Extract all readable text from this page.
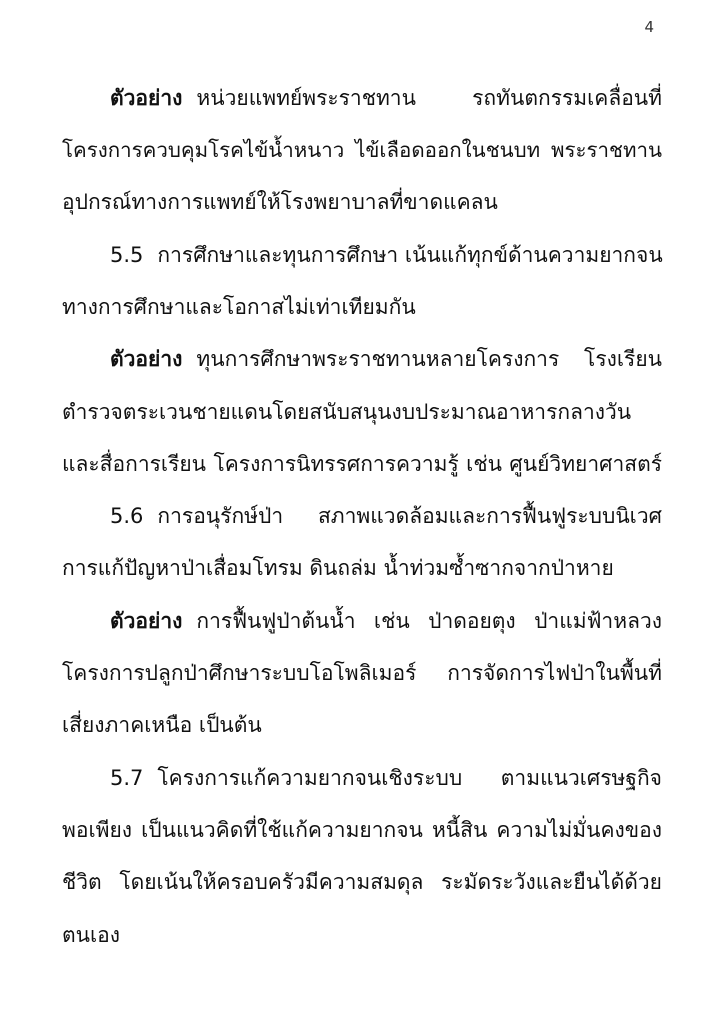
4
ตัวอย่าง หน่วยแพทย์พระราชทาน รถทันตกรรมเคลื่อนที่
โครงการควบคุมโรคไข้น้ำหนาว ไข้เลือดออกในชนบท พระราชทาน
อุปกรณ์ทางการแพทย์ให้โรงพยาบาลที่ขาดแคลน
5.5 การศึกษาและทุนการศึกษา เน้นแก้ทุกข์ด้านความยากจน
ทางการศึกษาและโอกาสไม่เท่าเทียมกัน
ตัวอย่าง ทุนการศึกษาพระราชทานหลายโครงการ โรงเรียน
ตำรวจตระเวนชายแดนโดยสนับสนุนงบประมาณอาหารกลางวัน
และสื่อการเรียน โครงการนิทรรศการความรู้ เช่น ศูนย์วิทยาศาสตร์
5.6 การอนุรักษ์ป่า สภาพแวดล้อมและการฟื้นฟูระบบนิเวศ
การแก้ปัญหาป่าเสื่อมโทรม ดินถล่ม น้ำท่วมซ้ำซากจากป่าหาย
ตัวอย่าง การฟื้นฟูป่าต้นน้ำ เช่น ป่าดอยตุง ป่าแม่ฟ้าหลวง
โครงการปลูกป่าศึกษาระบบโอโพลิเมอร์ การจัดการไฟป่าในพื้นที่
เสี่ยงภาคเหนือ เป็นต้น
5.7 โครงการแก้ความยากจนเชิงระบบ ตามแนวเศรษฐกิจ
พอเพียง เป็นแนวคิดที่ใช้แก้ความยากจน หนี้สิน ความไม่มั่นคงของ
ชีวิต โดยเน้นให้ครอบครัวมีความสมดุล ระมัดระวังและยืนได้ด้วย
ตนเอง
